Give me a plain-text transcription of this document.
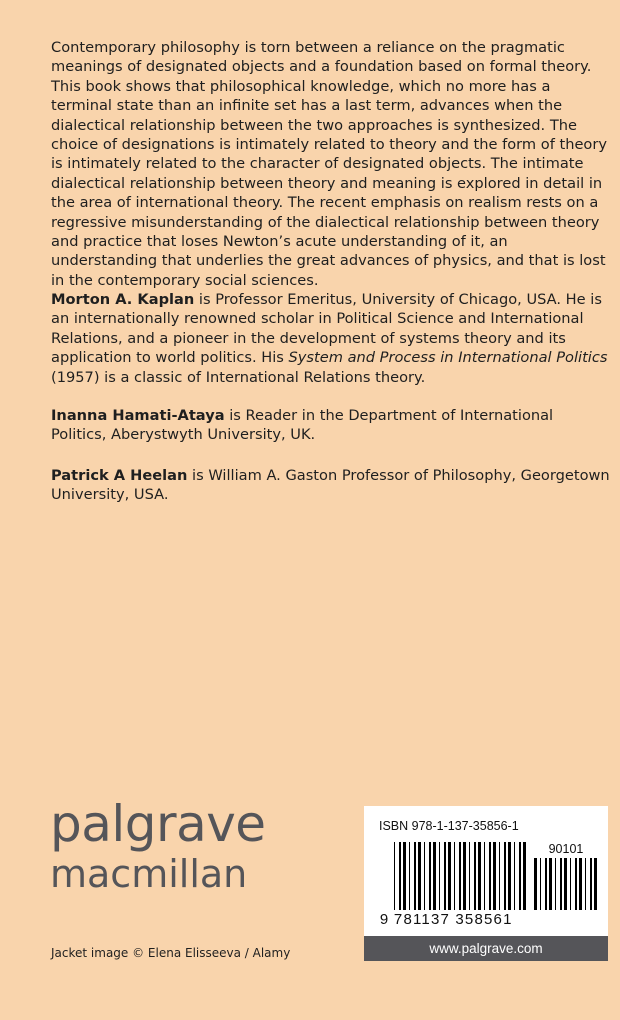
Contemporary philosophy is torn between a reliance on the pragmatic meanings of designated objects and a foundation based on formal theory. This book shows that philosophical knowledge, which no more has a terminal state than an infinite set has a last term, advances when the dialectical relationship between the two approaches is synthesized. The choice of designations is intimately related to theory and the form of theory is intimately related to the character of designated objects. The intimate dialectical relationship between theory and meaning is explored in detail in the area of international theory. The recent emphasis on realism rests on a regressive misunderstanding of the dialectical relationship between theory and practice that loses Newton’s acute understanding of it, an understanding that underlies the great advances of physics, and that is lost in the contemporary social sciences.

Morton A. Kaplan is Professor Emeritus, University of Chicago, USA. He is an internationally renowned scholar in Political Science and International Relations, and a pioneer in the development of systems theory and its application to world politics. His System and Process in International Politics (1957) is a classic of International Relations theory.

Inanna Hamati-Ataya is Reader in the Department of International Politics, Aberystwyth University, UK.

Patrick A Heelan is William A. Gaston Professor of Philosophy, Georgetown University, USA.

palgrave
macmillan
Jacket image © Elena Elisseeva / Alamy
ISBN 978-1-137-35856-1
90101
9 781137 358561
www.palgrave.com
